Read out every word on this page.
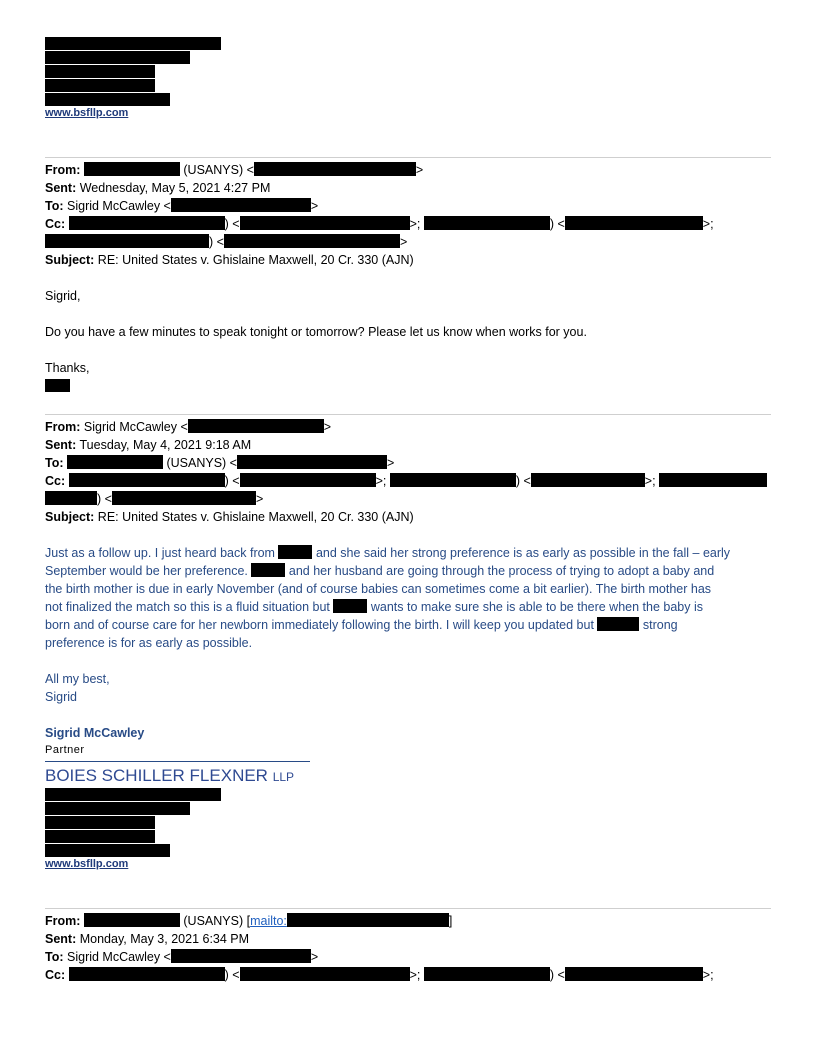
www.bsfllp.com
From:	(USANYS) <	>
Sent: Wednesday, May 5, 2021 4:27 PM
To: Sigrid McCawley <	>
Cc:	) <	>;	) <	>;
) <	>
Subject: RE: United States v. Ghislaine Maxwell, 20 Cr. 330 (AJN)
Sigrid,
Do you have a few minutes to speak tonight or tomorrow? Please let us know when works for you.
Thanks,
From: Sigrid McCawley <	>
Sent: Tuesday, May 4, 2021 9:18 AM
To:	(USANYS) <	>
Cc:	) <	>;	) <	>;
) <	>
Subject: RE: United States v. Ghislaine Maxwell, 20 Cr. 330 (AJN)
Just as a follow up. I just heard back from	and she said her strong preference is as early as possible in the fall – early
September would be her preference.	and her husband are going through the process of trying to adopt a baby and
the birth mother is due in early November (and of course babies can sometimes come a bit earlier). The birth mother has
not finalized the match so this is a fluid situation but	wants to make sure she is able to be there when the baby is
born and of course care for her newborn immediately following the birth. I will keep you updated but	strong
preference is for as early as possible.
All my best,
Sigrid
Sigrid McCawley
Partner
BOIES SCHILLER FLEXNER LLP
www.bsfllp.com
From:	(USANYS) [mailto:	]
Sent: Monday, May 3, 2021 6:34 PM
To: Sigrid McCawley <	>
Cc:	) <	>;	) <	>;
